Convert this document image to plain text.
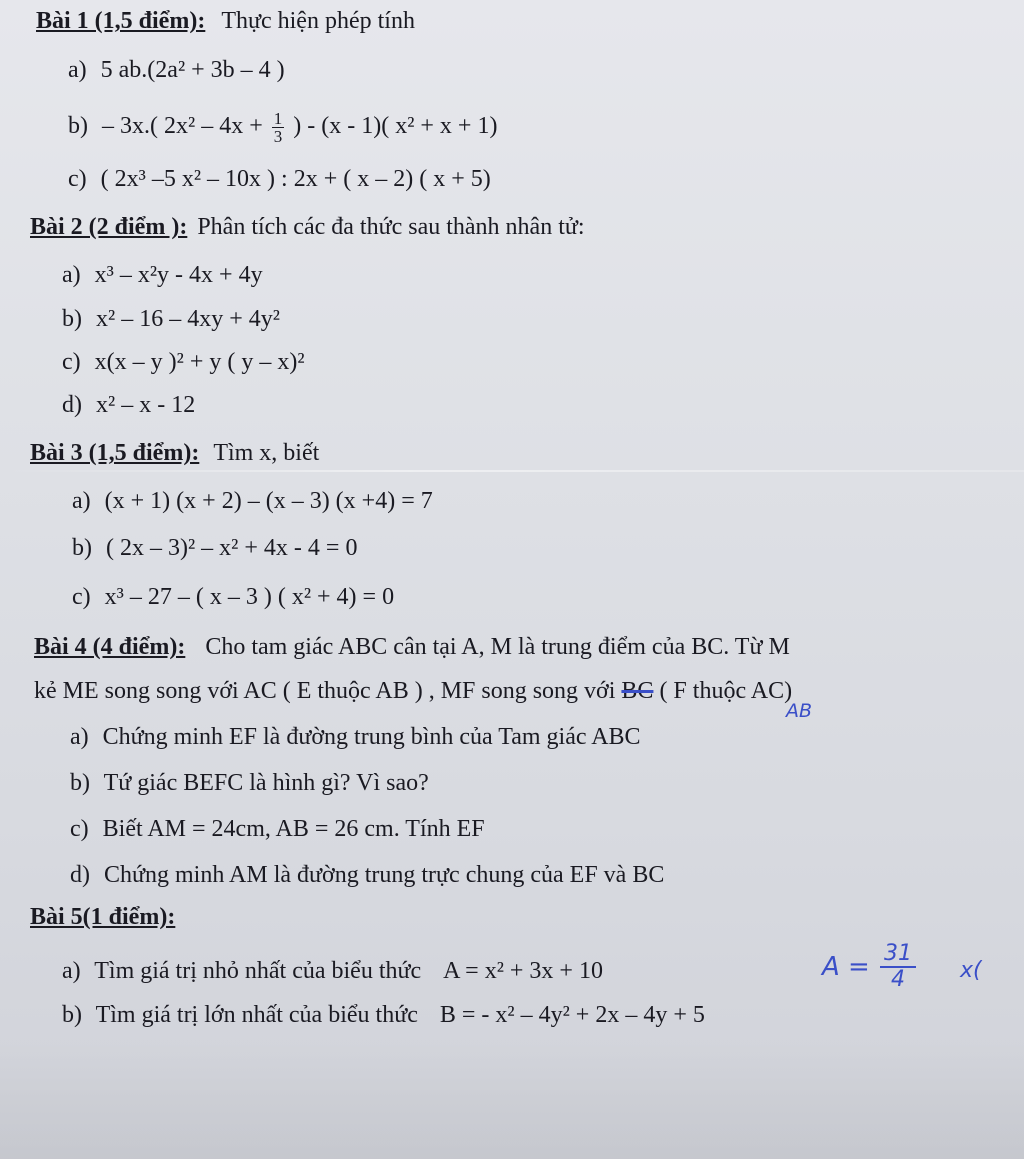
Bài 1 (1,5 điểm): Thực hiện phép tính
a) 5 ab.(2a² + 3b – 4 )
b) – 3x.( $2x^2 - 4x + \frac{1}{3}$ ) - (x - 1)( x² + x + 1)
c) ( 2x³ –5 x² – 10x ) : 2x + ( x – 2) ( x + 5)
Bài 2 (2 điểm ): Phân tích các đa thức sau thành nhân tử:
a) x³ – x²y - 4x + 4y
b) x² – 16 – 4xy + 4y²
c) x(x – y )² + y ( y – x)²
d) x² – x - 12
Bài 3 (1,5 điểm): Tìm x, biết
a) (x + 1) (x + 2) – (x – 3) (x +4) = 7
b) ( 2x – 3)² – x² + 4x - 4 = 0
c) x³ – 27 – ( x – 3 ) ( x² + 4) = 0
Bài 4 (4 điểm): Cho tam giác ABC cân tại A, M là trung điểm của BC. Từ M
kẻ ME song song với AC ( E thuộc AB ) , MF song song với BC ( F thuộc AC)
AB
a) Chứng minh EF là đường trung bình của Tam giác ABC
b) Tứ giác BEFC là hình gì? Vì sao?
c) Biết AM = 24cm, AB = 26 cm. Tính EF
d) Chứng minh AM là đường trung trực chung của EF và BC
Bài 5(1 điểm):
a) Tìm giá trị nhỏ nhất của biểu thức A = x² + 3x + 10
b) Tìm giá trị lớn nhất của biểu thức B = - x² – 4y² + 2x – 4y + 5
$A = \frac{31}{4} x$(
